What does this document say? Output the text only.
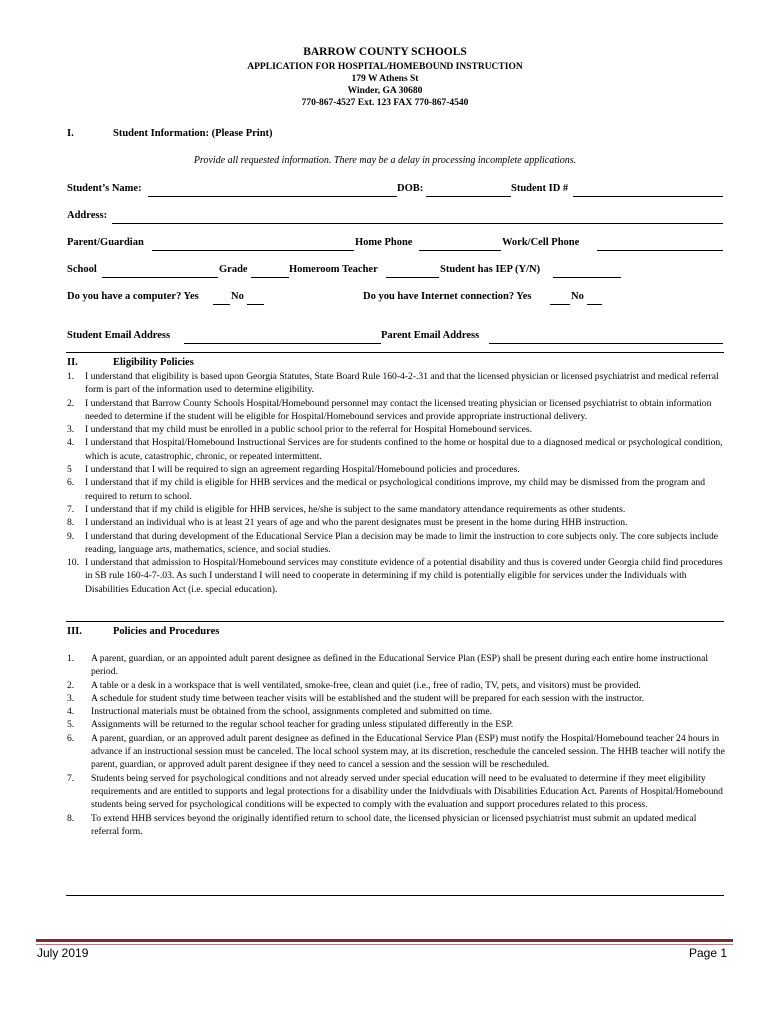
BARROW COUNTY SCHOOLS
APPLICATION FOR HOSPITAL/HOMEBOUND INSTRUCTION
179 W Athens St
Winder, GA 30680
770-867-4527 Ext. 123 FAX 770-867-4540
I.	Student Information: (Please Print)
Provide all requested information. There may be a delay in processing incomplete applications.
Student’s Name:	DOB:	Student ID #
Address:
Parent/Guardian	Home Phone	Work/Cell Phone
School	Grade	Homeroom Teacher	Student has IEP (Y/N)
Do you have a computer? Yes	No	Do you have Internet connection? Yes	No
Student Email Address	Parent Email Address
II.	Eligibility Policies
1. I understand that eligibility is based upon Georgia Statutes, State Board Rule 160-4-2-.31 and that the licensed physician or licensed psychiatrist and medical referral form is part of the information used to determine eligibility.
2. I understand that Barrow County Schools Hospital/Homebound personnel may contact the licensed treating physician or licensed psychiatrist to obtain information needed to determine if the student will be eligible for Hospital/Homebound services and provide appropriate instructional delivery.
3. I understand that my child must be enrolled in a public school prior to the referral for Hospital Homebound services.
4. I understand that Hospital/Homebound Instructional Services are for students confined to the home or hospital due to a diagnosed medical or psychological condition, which is acute, catastrophic, chronic, or repeated intermittent.
5 I understand that I will be required to sign an agreement regarding Hospital/Homebound policies and procedures.
6. I understand that if my child is eligible for HHB services and the medical or psychological conditions improve, my child may be dismissed from the program and required to return to school.
7. I understand that if my child is eligible for HHB services, he/she is subject to the same mandatory attendance requirements as other students.
8. I understand an individual who is at least 21 years of age and who the parent designates must be present in the home during HHB instruction.
9. I understand that during development of the Educational Service Plan a decision may be made to limit the instruction to core subjects only. The core subjects include reading, language arts, mathematics, science, and social studies.
10. I understand that admission to Hospital/Homebound services may constitute evidence of a potential disability and thus is covered under Georgia child find procedures in SB rule 160-4-7-.03. As such I understand I will need to cooperate in determining if my child is potentially eligible for services under the Individuals with Disabilities Education Act (i.e. special education).
III.	Policies and Procedures
1. A parent, guardian, or an appointed adult parent designee as defined in the Educational Service Plan (ESP) shall be present during each entire home instructional period.
2. A table or a desk in a workspace that is well ventilated, smoke-free, clean and quiet (i.e., free of radio, TV, pets, and visitors) must be provided.
3. A schedule for student study time between teacher visits will be established and the student will be prepared for each session with the instructor.
4. Instructional materials must be obtained from the school, assignments completed and submitted on time.
5. Assignments will be returned to the regular school teacher for grading unless stipulated differently in the ESP.
6. A parent, guardian, or an approved adult parent designee as defined in the Educational Service Plan (ESP) must notify the Hospital/Homebound teacher 24 hours in advance if an instructional session must be canceled. The local school system may, at its discretion, reschedule the canceled session. The HHB teacher will notify the parent, guardian, or approved adult parent designee if they need to cancel a session and the session will be rescheduled.
7. Students being served for psychological conditions and not already served under special education will need to be evaluated to determine if they meet eligibility requirements and are entitled to supports and legal protections for a disability under the Inidvdiuals with Disabilities Education Act. Parents of Hospital/Homebound students being served for psychological conditions will be expected to comply with the evaluation and support procedures related to this process.
8. To extend HHB services beyond the originally identified return to school date, the licensed physician or licensed psychiatrist must submit an updated medical referral form.
July 2019	Page 1
